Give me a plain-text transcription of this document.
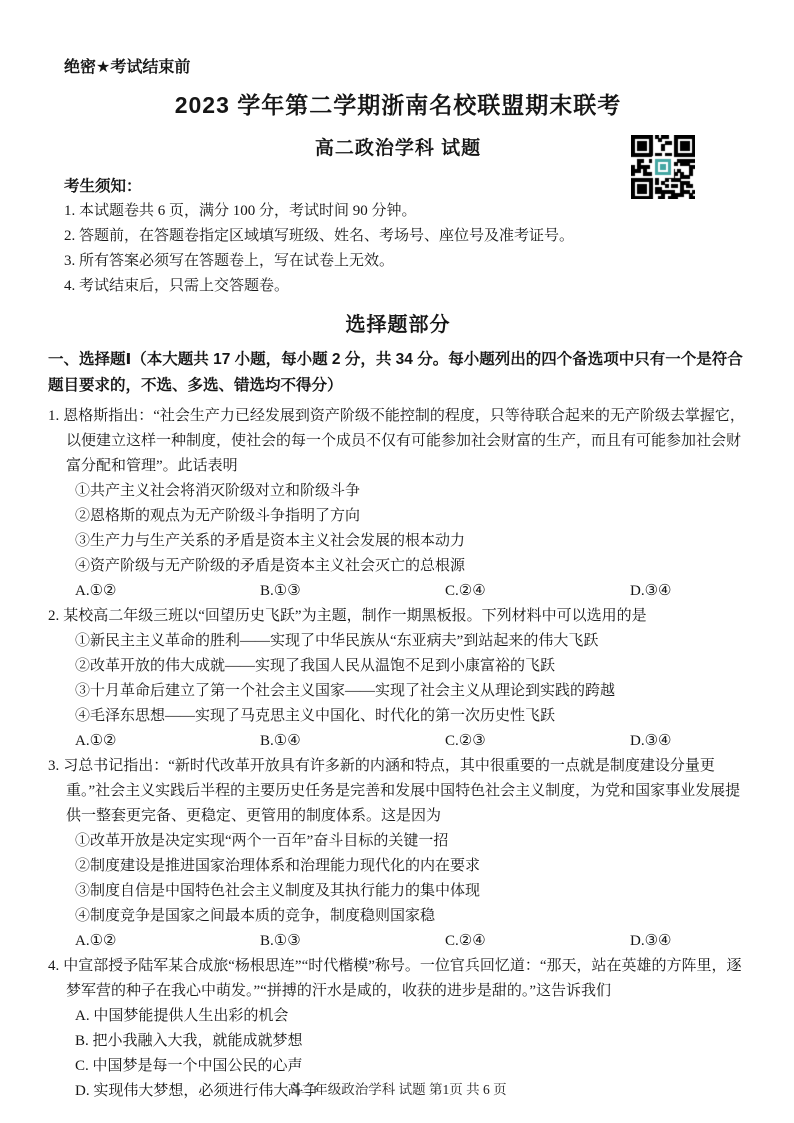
绝密★考试结束前
2023 学年第二学期浙南名校联盟期末联考
高二政治学科 试题
考生须知：
1. 本试题卷共 6 页，满分 100 分，考试时间 90 分钟。
2. 答题前，在答题卷指定区域填写班级、姓名、考场号、座位号及准考证号。
3. 所有答案必须写在答题卷上，写在试卷上无效。
4. 考试结束后，只需上交答题卷。
选择题部分
一、选择题Ⅰ（本大题共 17 小题，每小题 2 分，共 34 分。每小题列出的四个备选项中只有一个是符合题目要求的，不选、多选、错选均不得分）

1. 恩格斯指出：“社会生产力已经发展到资产阶级不能控制的程度，只等待联合起来的无产阶级去掌握它，以便建立这样一种制度，使社会的每一个成员不仅有可能参加社会财富的生产，而且有可能参加社会财富分配和管理”。此话表明

①共产主义社会将消灭阶级对立和阶级斗争
②恩格斯的观点为无产阶级斗争指明了方向
③生产力与生产关系的矛盾是资本主义社会发展的根本动力
④资产阶级与无产阶级的矛盾是资本主义社会灭亡的总根源
A.①②	B.①③	C.②④	D.③④

2. 某校高二年级三班以“回望历史飞跃”为主题，制作一期黑板报。下列材料中可以选用的是

①新民主主义革命的胜利——实现了中华民族从“东亚病夫”到站起来的伟大飞跃
②改革开放的伟大成就——实现了我国人民从温饱不足到小康富裕的飞跃
③十月革命后建立了第一个社会主义国家——实现了社会主义从理论到实践的跨越
④毛泽东思想——实现了马克思主义中国化、时代化的第一次历史性飞跃
A.①②	B.①④	C.②③	D.③④

3. 习总书记指出：“新时代改革开放具有许多新的内涵和特点，其中很重要的一点就是制度建设分量更重。”社会主义实践后半程的主要历史任务是完善和发展中国特色社会主义制度，为党和国家事业发展提供一整套更完备、更稳定、更管用的制度体系。这是因为

①改革开放是决定实现“两个一百年”奋斗目标的关键一招
②制度建设是推进国家治理体系和治理能力现代化的内在要求
③制度自信是中国特色社会主义制度及其执行能力的集中体现
④制度竞争是国家之间最本质的竞争，制度稳则国家稳
A.①②	B.①③	C.②④	D.③④

4. 中宣部授予陆军某合成旅“杨根思连”“时代楷模”称号。一位官兵回忆道：“那天，站在英雄的方阵里，逐梦军营的种子在我心中萌发。”“拼搏的汗水是咸的，收获的进步是甜的。”这告诉我们

A. 中国梦能提供人生出彩的机会
B. 把小我融入大我，就能成就梦想
C. 中国梦是每一个中国公民的心声
D. 实现伟大梦想，必须进行伟大斗争
高二年级政治学科 试题 第1页 共 6 页
